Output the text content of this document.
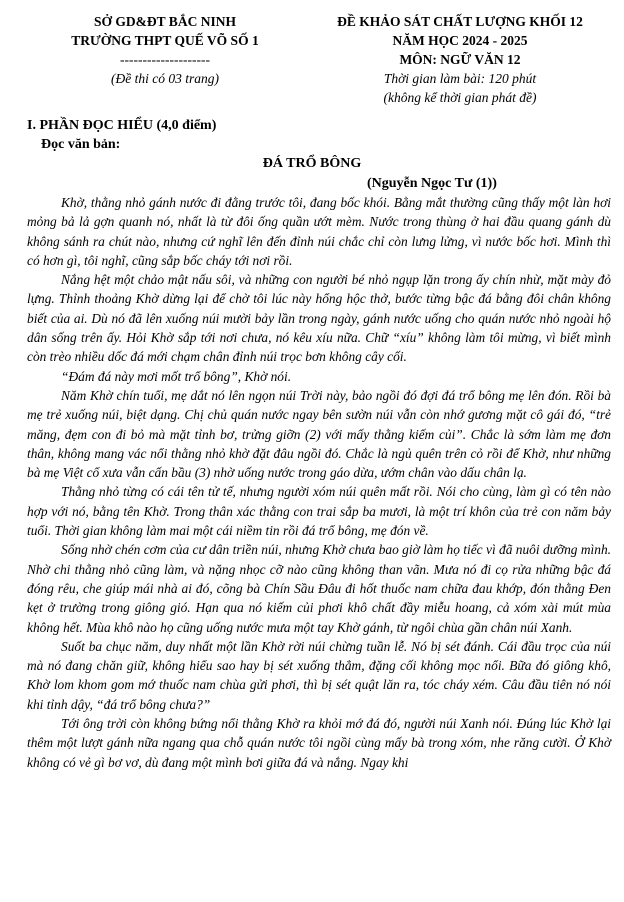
SỞ GD&ĐT BẮC NINH
TRƯỜNG THPT QUẾ VÕ SỐ 1
--------------------
(Đề thi có 03 trang)
ĐỀ KHẢO SÁT CHẤT LƯỢNG KHỐI 12
NĂM HỌC 2024 - 2025
MÔN: NGỮ VĂN 12
Thời gian làm bài: 120 phút
(không kể thời gian phát đề)
I. PHẦN ĐỌC HIỂU (4,0 điểm)
Đọc văn bản:
ĐÁ TRỔ BÔNG
(Nguyễn Ngọc Tư (1))

Khờ, thằng nhỏ gánh nước đi đằng trước tôi, đang bốc khói. Bằng mắt thường cũng thấy một làn hơi mỏng bả lả gợn quanh nó, nhất là từ đôi ống quần ướt mèm. Nước trong thùng ở hai đầu quang gánh dù không sánh ra chút nào, nhưng cứ nghĩ lên đến đỉnh núi chắc chỉ còn lưng lửng, vì nước bốc hơi. Mình thì có hơn gì, tôi nghĩ, cũng sắp bốc cháy tới nơi rồi.

Nắng hệt một chảo mật nấu sôi, và những con người bé nhỏ ngụp lặn trong ấy chín nhừ, mặt mày đỏ lựng. Thỉnh thoảng Khờ dừng lại để chờ tôi lúc này hổng hộc thở, bước từng bậc đá bằng đôi chân không biết của ai. Dù nó đã lên xuống núi mười bảy lần trong ngày, gánh nước uống cho quán nước nhỏ ngoài hộ dân sống trên ấy. Hỏi Khờ sắp tới nơi chưa, nó kêu xíu nữa. Chữ “xíu” không làm tôi mừng, vì biết mình còn trèo nhiều dốc đá mới chạm chân đỉnh núi trọc bơn không cây cối.

“Đám đá này mơi mốt trổ bông”, Khờ nói.

Năm Khờ chín tuổi, mẹ dắt nó lên ngọn núi Trời này, bảo ngồi đó đợi đá trổ bông mẹ lên đón. Rồi bà mẹ trẻ xuống núi, biệt dạng. Chị chủ quán nước ngay bên sườn núi vẫn còn nhớ gương mặt cô gái đó, “trẻ măng, đẹm con đi bỏ mà mặt tỉnh bơ, trửng giỡn (2) với mấy thằng kiếm củi”. Chắc là sớm làm mẹ đơn thân, không mang vác nổi thằng nhỏ khờ đặt đâu ngồi đó. Chắc là ngủ quên trên cỏ rồi để Khờ, như những bà mẹ Việt cổ xưa vẫn cấn bầu (3) nhờ uống nước trong gáo dừa, ướm chân vào dấu chân lạ.

Thằng nhỏ từng có cái tên tử tế, nhưng người xóm núi quên mất rồi. Nói cho cùng, làm gì có tên nào hợp với nó, bằng tên Khờ. Trong thân xác thằng con trai sắp ba mươi, là một trí khôn của trẻ con năm bảy tuổi. Thời gian không làm mai một cái niềm tin rồi đá trổ bông, mẹ đón về.

Sống nhờ chén cơm của cư dân triền núi, nhưng Khờ chưa bao giờ làm họ tiếc vì đã nuôi dưỡng mình. Nhờ chi thằng nhỏ cũng làm, và nặng nhọc cỡ nào cũng không than vãn. Mưa nó đi cọ rửa những bậc đá đóng rêu, che giúp mái nhà ai đó, cõng bà Chín Sầu Đâu đi hốt thuốc nam chữa đau khớp, đón thằng Đen kẹt ở trường trong giông gió. Hạn qua nó kiếm củi phơi khô chất đầy miễu hoang, cả xóm xài mút mùa không hết. Mùa khô nào họ cũng uống nước mưa một tay Khờ gánh, từ ngôi chùa gần chân núi Xanh.

Suốt ba chục năm, duy nhất một lần Khờ rời núi chừng tuần lễ. Nó bị sét đánh. Cái đầu trọc của núi mà nó đang chăn giữ, không hiểu sao hay bị sét xuống thẳm, đặng cối không mọc nổi. Bữa đó giông khô, Khờ lom khom gom mớ thuốc nam chùa gửi phơi, thì bị sét quật lăn ra, tóc cháy xém. Câu đầu tiên nó nói khi tỉnh dậy, “đá trổ bông chưa?”

Tới ông trời còn không bứng nổi thằng Khờ ra khỏi mớ đá đó, người núi Xanh nói. Đúng lúc Khờ lại thêm một lượt gánh nữa ngang qua chỗ quán nước tôi ngồi cùng mấy bà trong xóm, nhe răng cười. Ở Khờ không có vẻ gì bơ vơ, dù đang một mình bơi giữa đá và nắng. Ngay khi
